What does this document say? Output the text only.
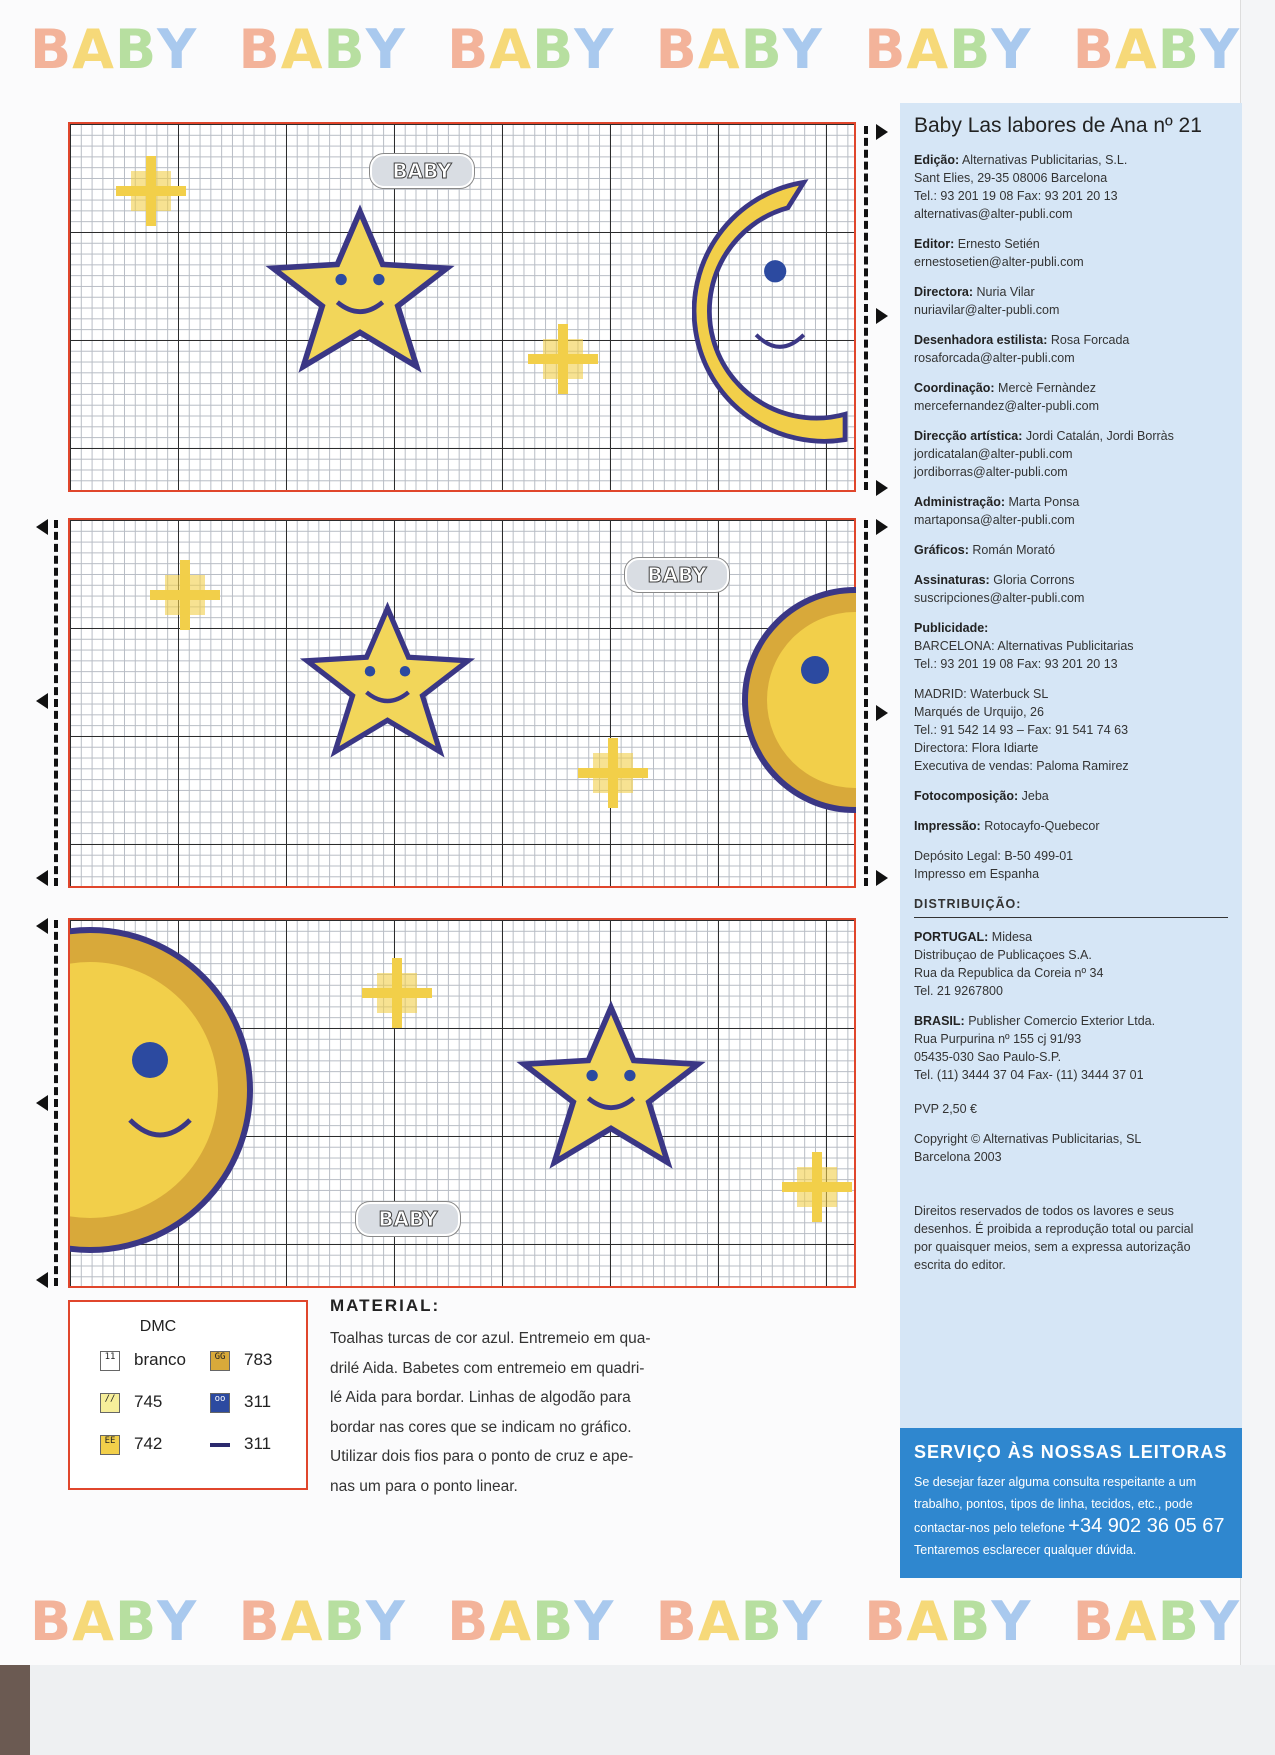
BABY BABY BABY BABY BABY BABY
BABY
BABY
BABY
Baby Las labores de Ana nº 21
Edição: Alternativas Publicitarias, S.L.
Sant Elies, 29-35 08006 Barcelona
Tel.: 93 201 19 08 Fax: 93 201 20 13
alternativas@alter-publi.com
Editor: Ernesto Setién
ernestosetien@alter-publi.com
Directora: Nuria Vilar
nuriavilar@alter-publi.com
Desenhadora estilista: Rosa Forcada
rosaforcada@alter-publi.com
Coordinação: Mercè Fernàndez
mercefernandez@alter-publi.com
Direcção artística: Jordi Catalán, Jordi Borràs
jordicatalan@alter-publi.com
jordiborras@alter-publi.com
Administração: Marta Ponsa
martaponsa@alter-publi.com
Gráficos: Román Morató
Assinaturas: Gloria Corrons
suscripciones@alter-publi.com
Publicidade:
BARCELONA: Alternativas Publicitarias
Tel.: 93 201 19 08 Fax: 93 201 20 13
MADRID: Waterbuck SL
Marqués de Urquijo, 26
Tel.: 91 542 14 93 – Fax: 91 541 74 63
Directora: Flora Idiarte
Executiva de vendas: Paloma Ramirez
Fotocomposição: Jeba
Impressão: Rotocayfo-Quebecor
Depósito Legal: B-50 499-01
Impresso em Espanha
DISTRIBUIÇÃO:
PORTUGAL: Midesa
Distribuçao de Publicaçoes S.A.
Rua da Republica da Coreia nº 34
Tel. 21 9267800
BRASIL: Publisher Comercio Exterior Ltda.
Rua Purpurina nº 155 cj 91/93
05435-030 Sao Paulo-S.P.
Tel. (11) 3444 37 04 Fax- (11) 3444 37 01
PVP 2,50 €
Copyright © Alternativas Publicitarias, SL
Barcelona 2003
Direitos reservados de todos os lavores e seus
desenhos. É proibida a reprodução total ou parcial
por quaisquer meios, sem a expressa autorização
escrita do editor.
SERVIÇO ÀS NOSSAS LEITORAS
Se desejar fazer alguma consulta respeitante a um
trabalho, pontos, tipos de linha, tecidos, etc., pode
contactar-nos pelo telefone +34 902 36 05 67
Tentaremos esclarecer qualquer dúvida.
DMC
11 branco	GG 783
// 745	oo 311
EE 742	311
MATERIAL:
Toalhas turcas de cor azul. Entremeio em qua-
drilé Aida. Babetes com entremeio em quadri-
lé Aida para bordar. Linhas de algodão para
bordar nas cores que se indicam no gráfico.
Utilizar dois fios para o ponto de cruz e ape-
nas um para o ponto linear.
BABY BABY BABY BABY BABY BABY
